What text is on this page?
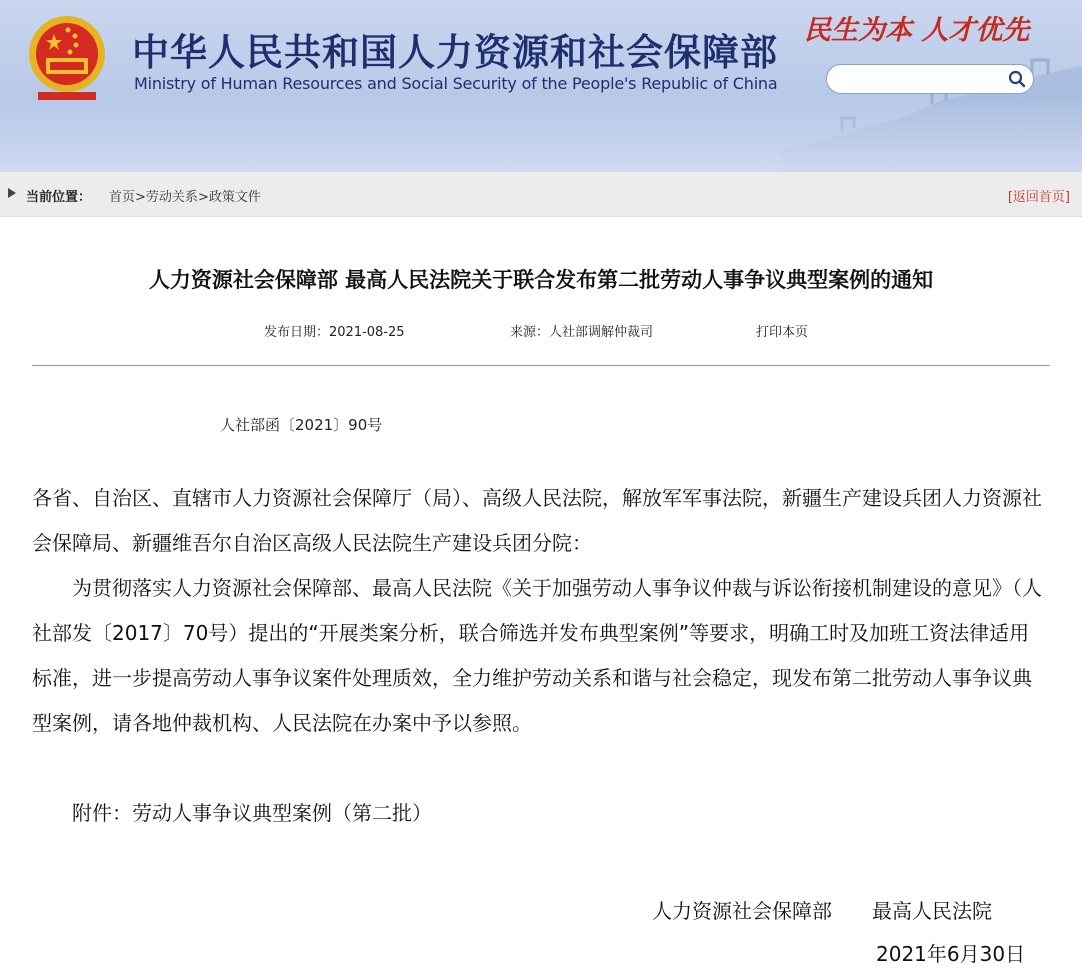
中华人民共和国人力资源和社会保障部
Ministry of Human Resources and Social Security of the People's Republic of China
民生为本 人才优先
当前位置： 首页>劳动关系>政策文件	[返回首页]
人力资源社会保障部 最高人民法院关于联合发布第二批劳动人事争议典型案例的通知
发布日期：2021-08-25	来源：人社部调解仲裁司	打印本页
人社部函〔2021〕90号

各省、自治区、直辖市人力资源社会保障厅（局）、高级人民法院，解放军军事法院，新疆生产建设兵团人力资源社会保障局、新疆维吾尔自治区高级人民法院生产建设兵团分院：

为贯彻落实人力资源社会保障部、最高人民法院《关于加强劳动人事争议仲裁与诉讼衔接机制建设的意见》（人社部发〔2017〕70号）提出的“开展类案分析，联合筛选并发布典型案例”等要求，明确工时及加班工资法律适用标准，进一步提高劳动人事争议案件处理质效，全力维护劳动关系和谐与社会稳定，现发布第二批劳动人事争议典型案例，请各地仲裁机构、人民法院在办案中予以参照。

附件：劳动人事争议典型案例（第二批）

人力资源社会保障部　　最高人民法院
2021年6月30日
